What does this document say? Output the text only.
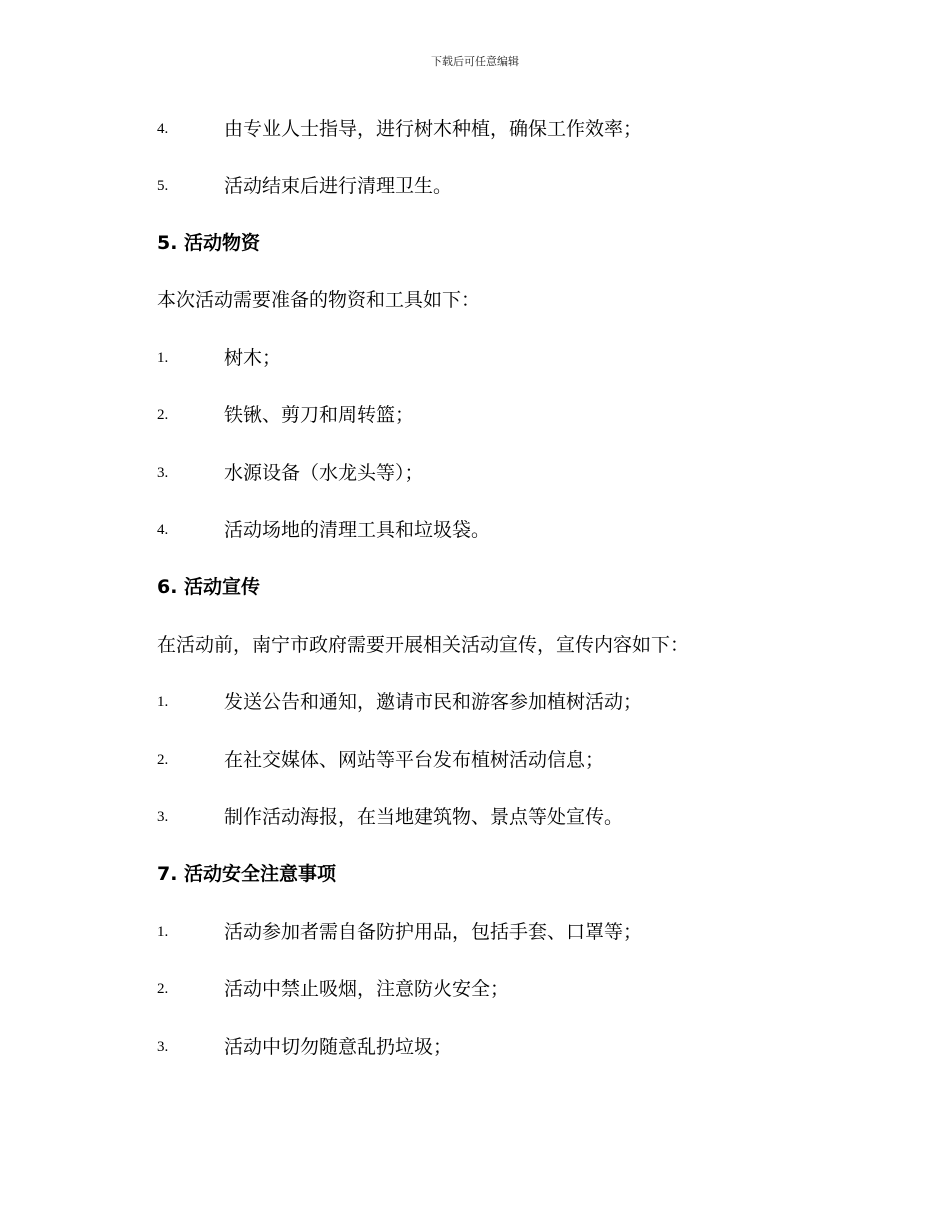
下载后可任意编辑
4.	由专业人士指导，进行树木种植，确保工作效率；
5.	活动结束后进行清理卫生。
5. 活动物资
本次活动需要准备的物资和工具如下：
1.	树木；
2.	铁锹、剪刀和周转篮；
3.	水源设备（水龙头等）；
4.	活动场地的清理工具和垃圾袋。
6. 活动宣传
在活动前，南宁市政府需要开展相关活动宣传，宣传内容如下：
1.	发送公告和通知，邀请市民和游客参加植树活动；
2.	在社交媒体、网站等平台发布植树活动信息；
3.	制作活动海报，在当地建筑物、景点等处宣传。
7. 活动安全注意事项
1.	活动参加者需自备防护用品，包括手套、口罩等；
2.	活动中禁止吸烟，注意防火安全；
3.	活动中切勿随意乱扔垃圾；
